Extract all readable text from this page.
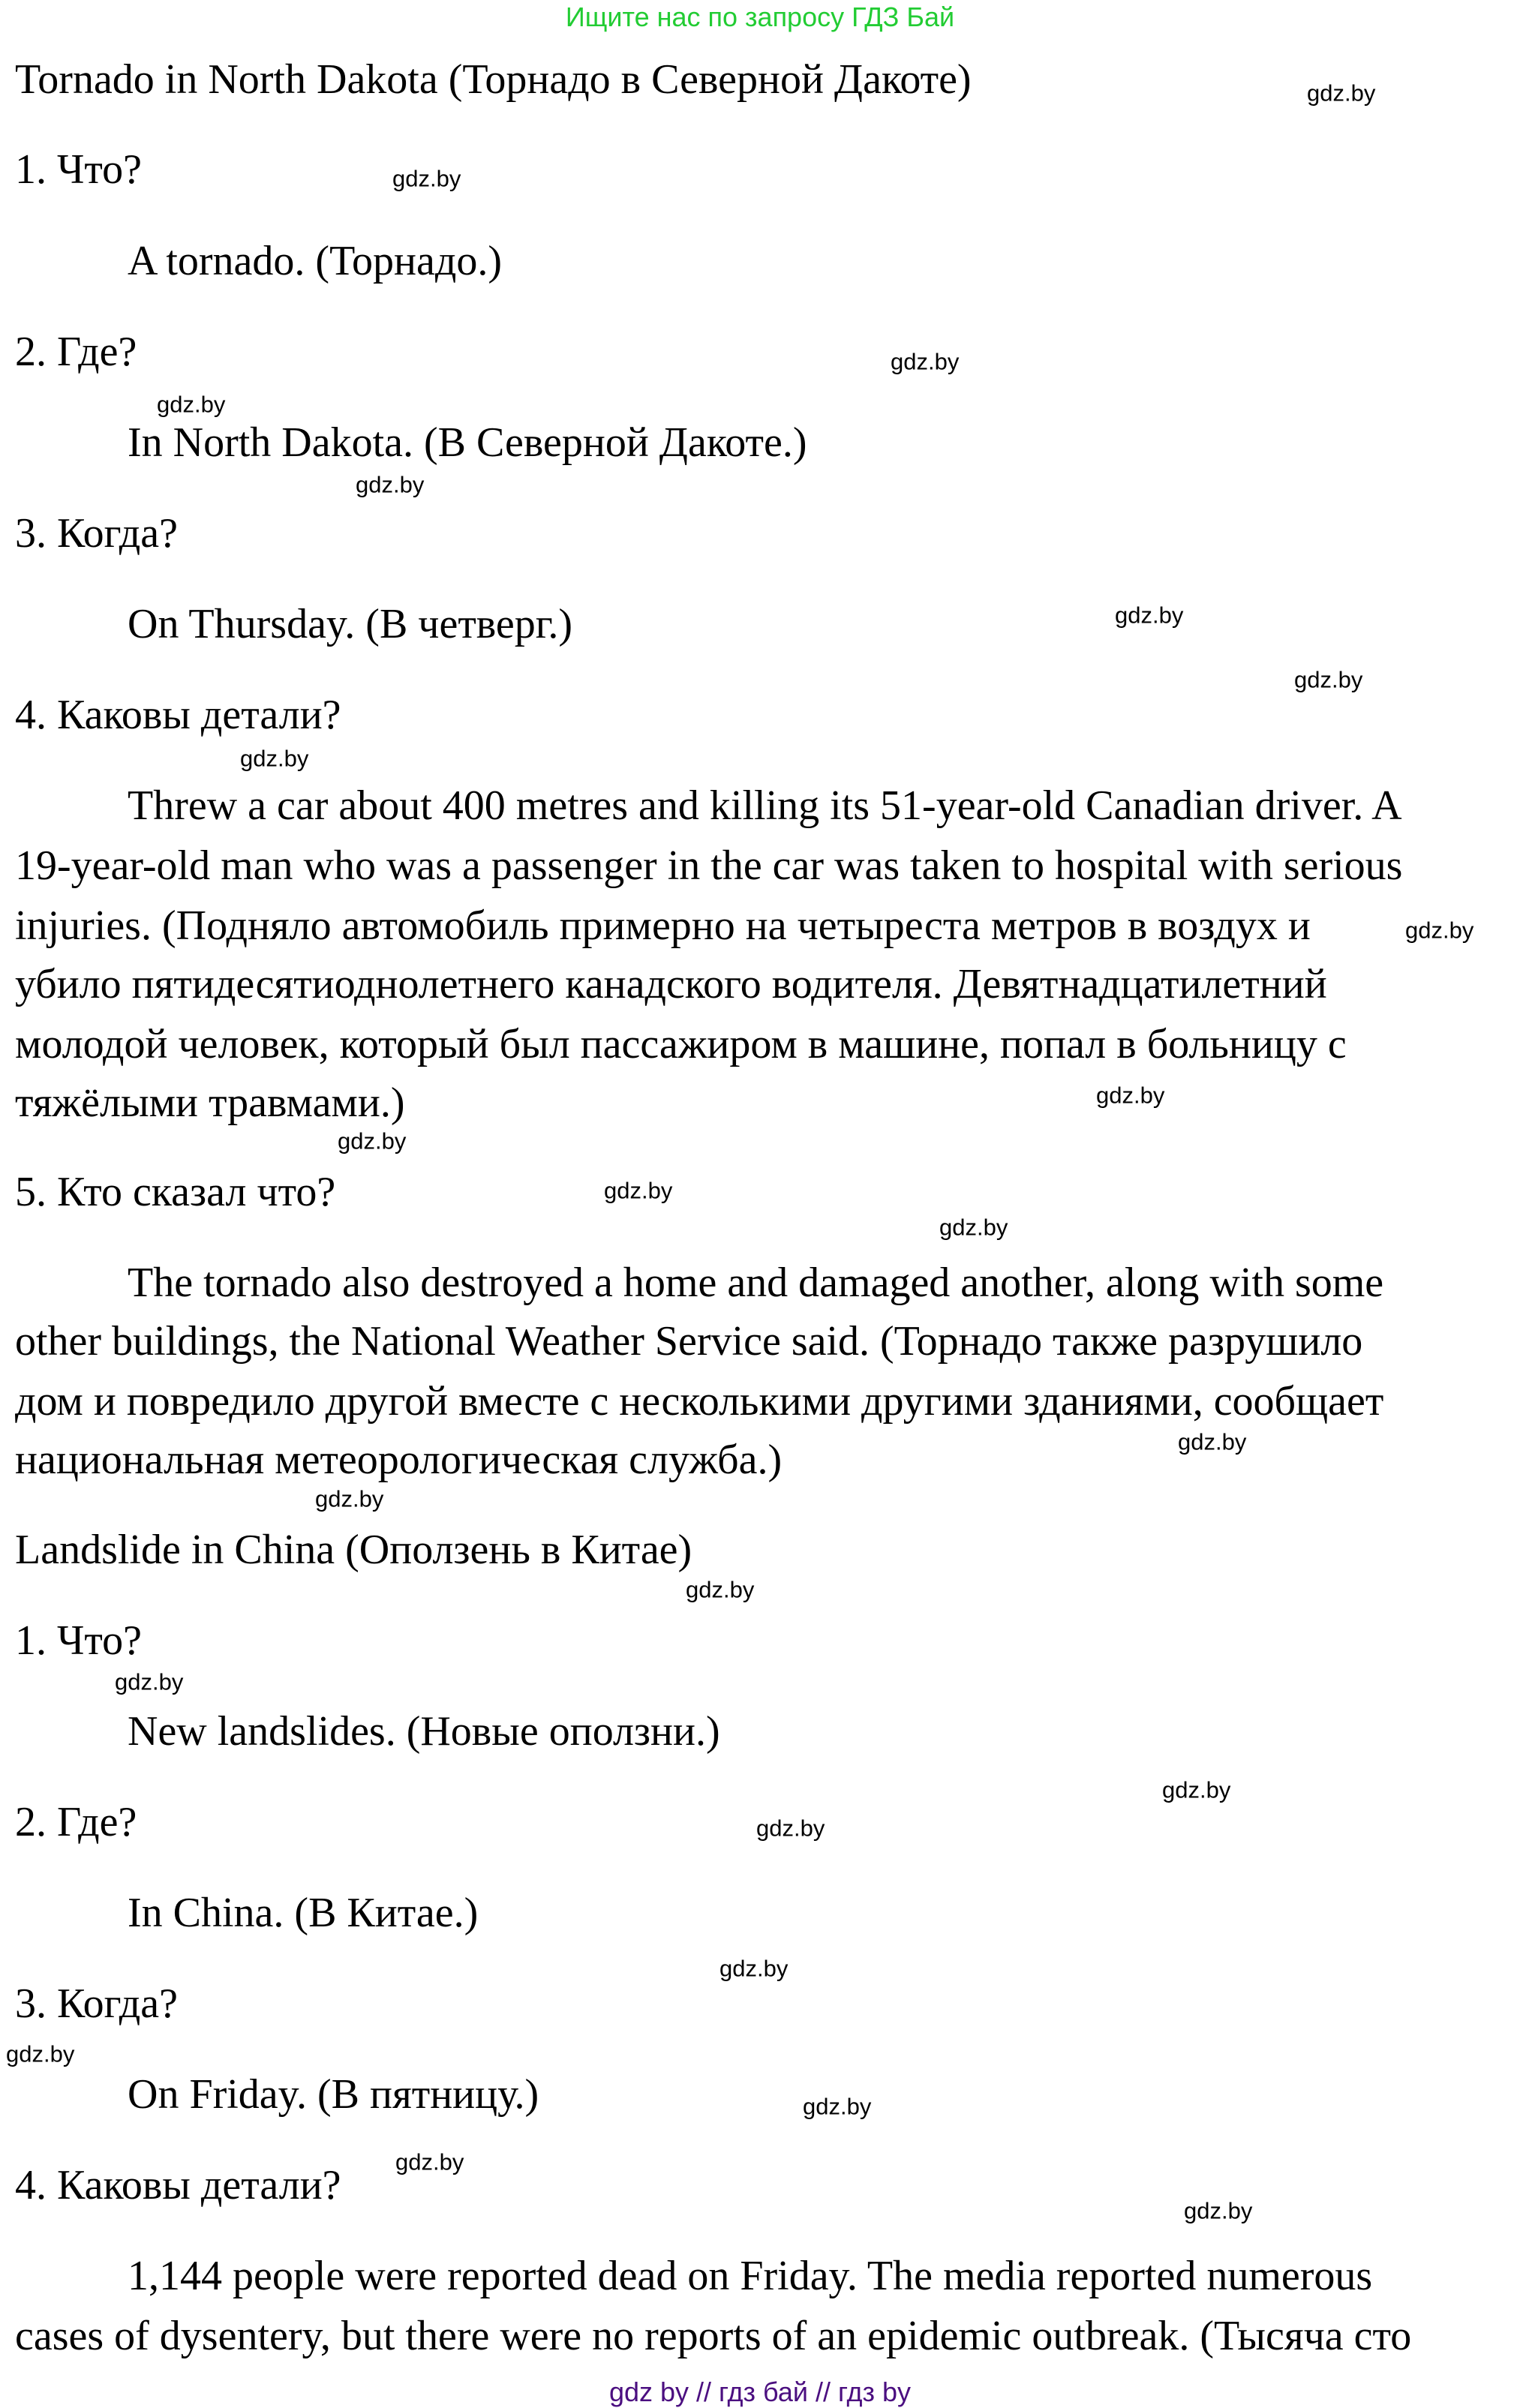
Ищите нас по запросу ГДЗ Бай
Tornado in North Dakota (Торнадо в Северной Дакоте)
1. Что?
A tornado. (Торнадо.)
2. Где?
In North Dakota. (В Северной Дакоте.)
3. Когда?
On Thursday. (В четверг.)
4. Каковы детали?
Threw a car about 400 metres and killing its 51-year-old Canadian driver. A
19-year-old man who was a passenger in the car was taken to hospital with serious
injuries. (Подняло автомобиль примерно на четыреста метров в воздух и
убило пятидесятиоднолетнего канадского водителя. Девятнадцатилетний
молодой человек, который был пассажиром в машине, попал в больницу с
тяжёлыми травмами.)
5. Кто сказал что?
The tornado also destroyed a home and damaged another, along with some
other buildings, the National Weather Service said. (Торнадо также разрушило
дом и повредило другой вместе с несколькими другими зданиями, сообщает
национальная метеорологическая служба.)
Landslide in China (Оползень в Китае)
1. Что?
New landslides. (Новые оползни.)
2. Где?
In China. (В Китае.)
3. Когда?
On Friday. (В пятницу.)
4. Каковы детали?
1,144 people were reported dead on Friday. The media reported numerous
cases of dysentery, but there were no reports of an epidemic outbreak. (Тысяча сто
gdz.by
gdz.by
gdz.by
gdz.by
gdz.by
gdz.by
gdz.by
gdz.by
gdz.by
gdz.by
gdz.by
gdz.by
gdz.by
gdz.by
gdz.by
gdz.by
gdz.by
gdz.by
gdz.by
gdz.by
gdz.by
gdz.by
gdz.by
gdz.by
gdz by // гдз бай // гдз by
